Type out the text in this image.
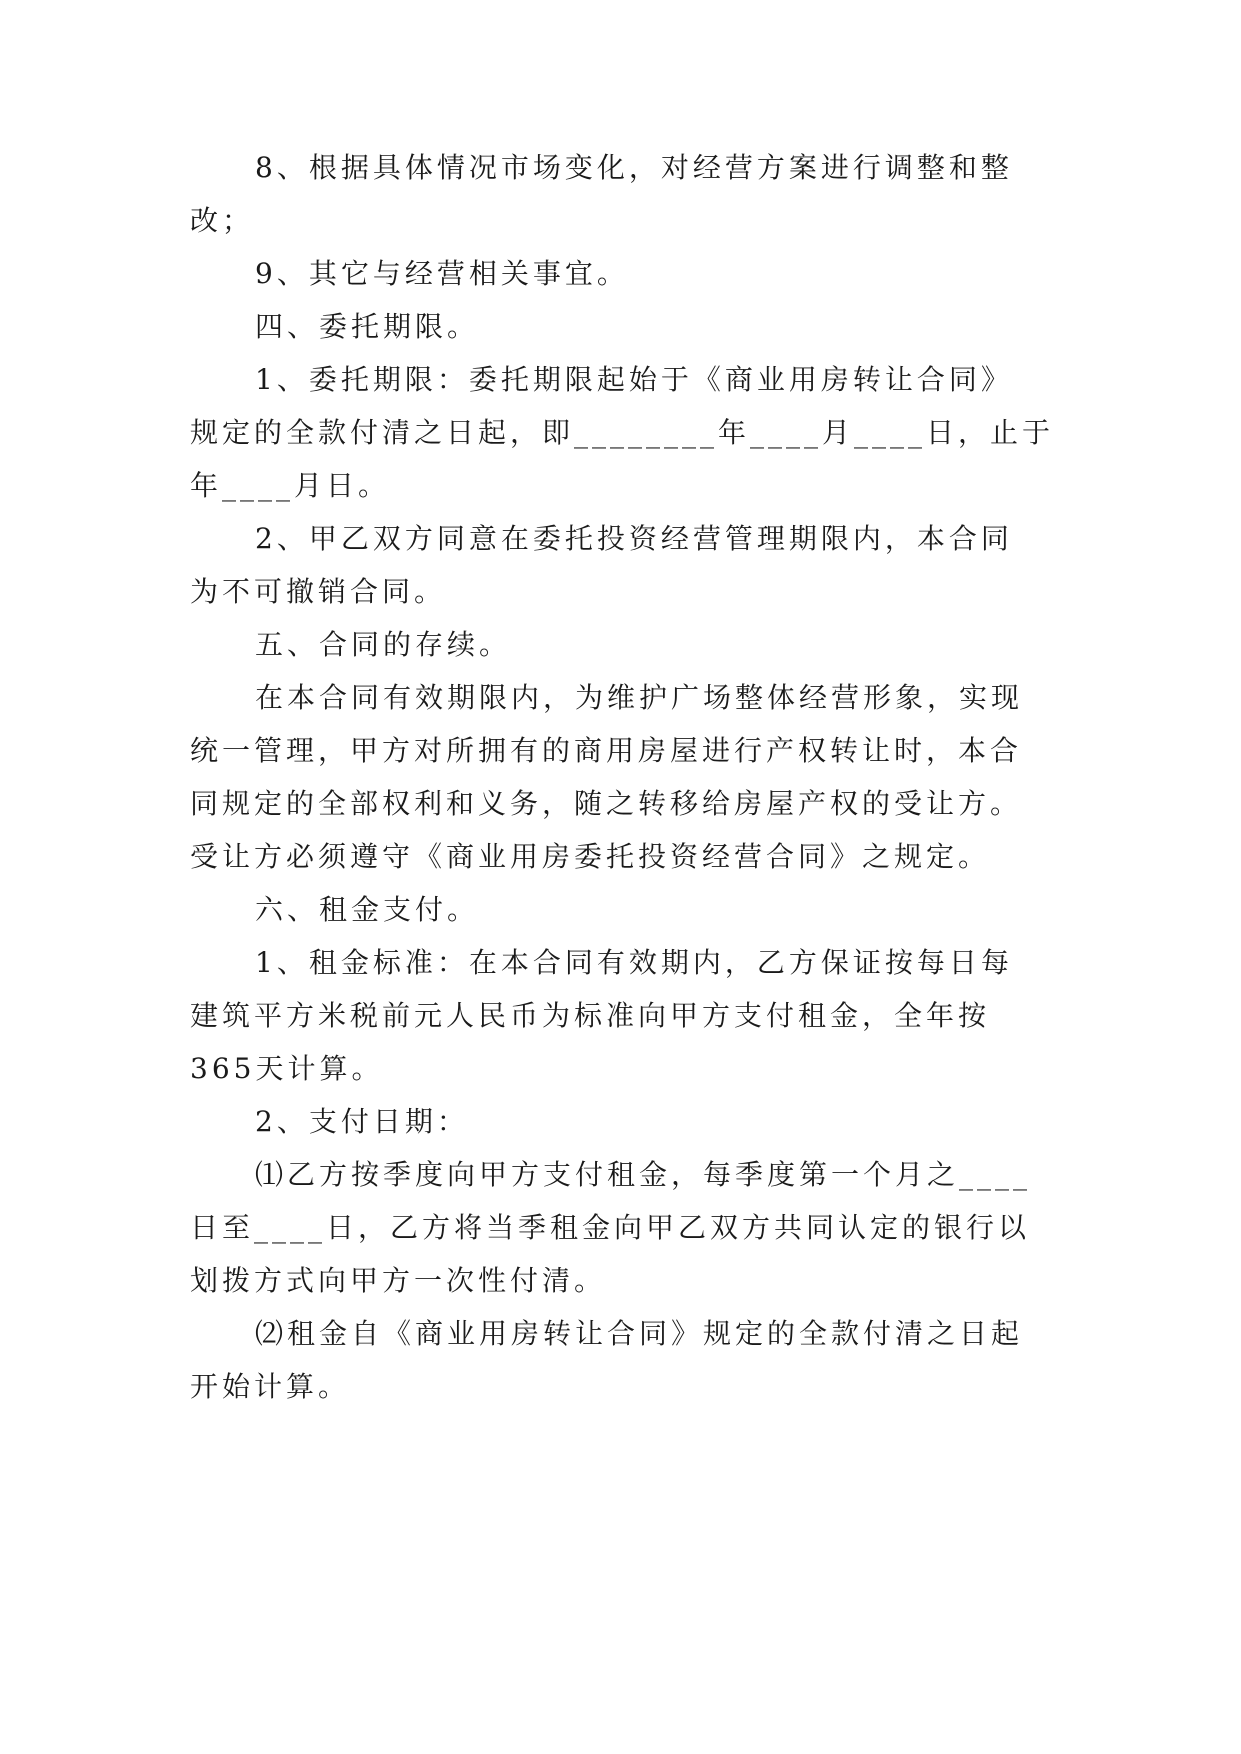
8、根据具体情况市场变化，对经营方案进行调整和整
改；
9、其它与经营相关事宜。
四、委托期限。
1、委托期限：委托期限起始于《商业用房转让合同》
规定的全款付清之日起，即________年____月____日，止于
年____月日。
2、甲乙双方同意在委托投资经营管理期限内，本合同
为不可撤销合同。
五、合同的存续。
在本合同有效期限内，为维护广场整体经营形象，实现
统一管理，甲方对所拥有的商用房屋进行产权转让时，本合
同规定的全部权利和义务，随之转移给房屋产权的受让方。
受让方必须遵守《商业用房委托投资经营合同》之规定。
六、租金支付。
1、租金标准：在本合同有效期内，乙方保证按每日每
建筑平方米税前元人民币为标准向甲方支付租金，全年按
365天计算。
2、支付日期：
⑴乙方按季度向甲方支付租金，每季度第一个月之____
日至____日，乙方将当季租金向甲乙双方共同认定的银行以
划拨方式向甲方一次性付清。
⑵租金自《商业用房转让合同》规定的全款付清之日起
开始计算。
